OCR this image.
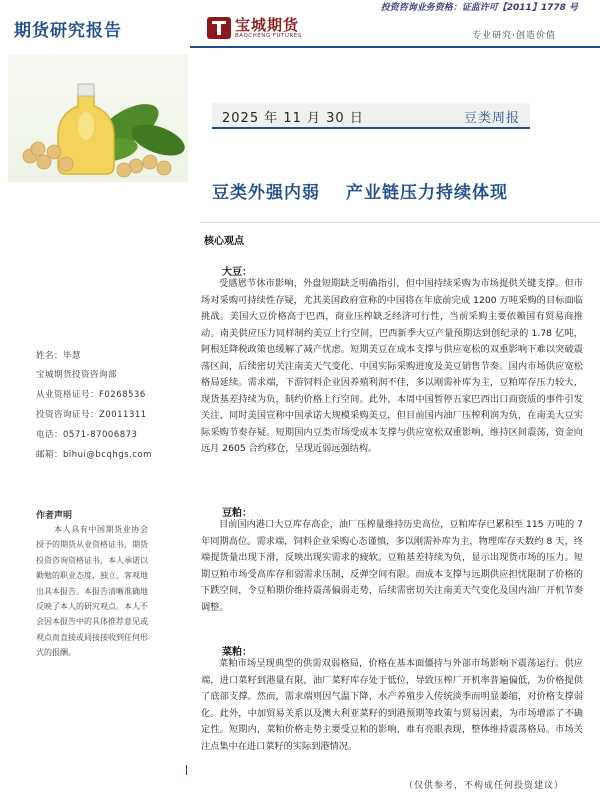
投资咨询业务资格：证监许可【2011】1778 号
期货研究报告	宝城期货
BAOCHENG FUTURES	专业研究·创造价值
2025 年 11 月 30 日	豆类周报
豆类外强内弱 产业链压力持续体现
核心观点
大豆：

受感恩节休市影响，外盘短期缺乏明确指引，但中国持续采购为市场提供关键支撑。但市场对采购可持续性存疑，尤其美国政府宣称的中国将在年底前完成 1200 万吨采购的目标面临挑战。美国大豆价格高于巴西，商业压榨缺乏经济可行性，当前采购主要依赖国有贸易商推动。南美供应压力同样制约美豆上行空间，巴西新季大豆产量预期达到创纪录的 1.78 亿吨，阿根廷降税政策也缓解了减产忧虑。短期美豆在成本支撑与供应宽松的双重影响下难以突破震荡区间，后续密切关注南美天气变化、中国实际采购进度及美豆销售节奏。国内市场供应宽松格局延续。需求端，下游饲料企业因养殖利润不佳，多以刚需补库为主，豆粕库存压力较大，现货基差持续为负，制约价格上行空间。此外，本周中国暂停五家巴西出口商资质的事件引发关注，同时美国宣称中国承诺大规模采购美豆，但目前国内油厂压榨利润为负，在南美大豆实际采购节奏存疑。短期国内豆类市场受成本支撑与供应宽松双重影响，维持区间震荡，资金向远月 2605 合约移仓，呈现近弱远强结构。

豆粕：

目前国内港口大豆库存高企，油厂压榨量维持历史高位，豆粕库存已累积至 115 万吨的 7 年同期高位。需求端，饲料企业采购心态谨慎，多以刚需补库为主，物理库存天数约 8 天，终端提货量出现下滑，反映出现实需求的疲软。豆粕基差持续为负，显示出现货市场的压力。短期豆粕市场受高库存和弱需求压制，反弹空间有限。而成本支撑与远期供应担忧限制了价格的下跌空间，令豆粕期价维持震荡偏弱走势，后续需密切关注南美天气变化及国内油厂开机节奏调整。

菜粕：

菜粕市场呈现典型的供需双弱格局，价格在基本面僵持与外部市场影响下震荡运行。供应端，进口菜籽到港量有限，油厂菜籽库存处于低位，导致压榨厂开机率普遍偏低，为价格提供了底部支撑。然而，需求端则因气温下降，水产养殖步入传统淡季而明显萎缩，对价格支撑弱化。此外，中加贸易关系以及澳大利亚菜籽的到港预期等政策与贸易因素，为市场增添了不确定性。短期内，菜粕价格走势主要受豆粕的影响，难有亮眼表现，整体维持震荡格局。市场关注点集中在进口菜籽的实际到港情况。

姓名：毕慧
宝城期货投资咨询部
从业资格证号：F0268536
投资咨询证号：Z0011311
电话：0571-87006873
邮箱：bihui@bcqhgs.com
作者声明

本人具有中国期货业协会授予的期货从业资格证书，期货投资咨询资格证书，本人承诺以勤勉的职业态度，独立、客观地出具本报告。本报告清晰准确地反映了本人的研究观点。本人不会因本报告中的具体推荐意见或观点而直接或间接接收到任何形式的报酬。

（仅供参考，不构成任何投资建议）
